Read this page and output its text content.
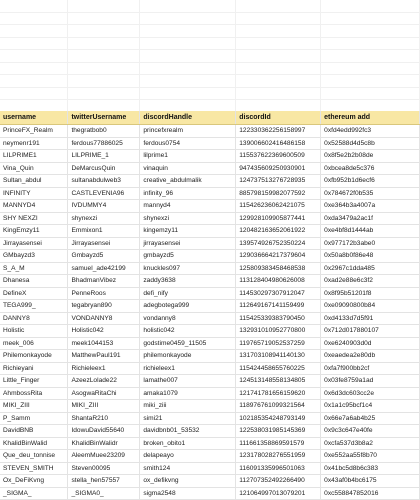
username	twitterUsername	discordHandle	discordId	ethereum add
PrinceFX_Realm	thegratbob0	princefxrealm	122330362256158997	0xfd4edd992fc3
neymenr191	ferdous77886025	ferdous0754	139006602416486158	0x52588d4d5c8b
LILPRIME1	LILPRIME_1	lilprime1	115537622369600509	0x8f5e2b2b08de
Vina_Quin	DeMarcusQuin	vinaquin	947435609250930901	0xbcea8de5c376
Sultan_abdul	sultanabdulweb3	creative_abdulmalik	124737513276728935	0xfb952b1d6ecf6
INFINITY	CASTLEVENIA96	infinity_96	885798159982077592	0x784672f0b535
MANNYD4	IVDUMMY4	mannyd4	115426236062421075	0xe364b3a4007a
SHY NEXZI	shynexzi	shynexzi	129928109905877441	0xda3479a2ac1f
KingEmzy11	Emmixon1	kingemzy11	120482163652061922	0xe4bf8d1444ab
Jirrayasensei	Jirrayasensei	jirrayasensei	139574926752350224	0x977172b3abe0
GMbayzd3	Gmbayzd5	gmbayzd5	129036664217379604	0x50a8b0f86e48
S_A_M	samuel_ade42199	knuckles097	125809383458468538	0x2967c1dda485
Dhanesa	BhadmanVibez	zaddy3638	113128404980626008	0xad2e88e6c3f2
DefineX	PenneRoos	defi_nify	114530297307912047	0x8f95b51201f8
TEGA999_	tegabryan890	adegbotega999	112649167141159499	0xe09090800b84
DANNY8	VONDANNY8	vondanny8	115425339383790450	0xd4133d7d5f91
Holistic	Holistic042	holistic042	132931010952770800	0x712d017880107
meek_006	meek1044153	godstime0459_11505	119765719052537259	0xe6240903d0d
Philemonkayode	MatthewPaul191	philemonkayode	131703108941140130	0xeaedea2e80db
Richieyani	Richieleex1	richieleex1	115424458655760225	0xfa7f900bb2cf
Little_Finger	AzeezLolade22	lamathe007	124513148558134805	0x03fe8759a1ad
AhmbossRita	AsogwaRitaChi	amaka1079	121741781656159620	0x6d3dc603cc2e
MIKI_ZIII	MIKI_ZIII	miki_ziii	118976761099321564	0x1a1c95bcf1c4
P_Samm	ShantaR210	simi21	102185354248793149	0x66e7a6ab4b25
DavidBNB	IdowuDavid55640	davidbnb01_53532	122538031985145369	0x9c3c647e40fe
KhalidBinWalid	KhalidBinWalidr	broken_obito1	111661358869591579	0xcfa537d3b8a2
Que_deu_tonnise	AleemMuee23209	delapeayo	123178028276551959	0xe552aa55f8b70
STEVEN_SMITH	Steven00095	smith124	116091335996501063	0x41bc5d8b6c383
Ox_DeFiKvng	stella_hen57557	ox_defikvng	112707352492266490	0x43af0b4bc6175
_SIGMA_	_SIGMA0_	sigma2548	121064997013079201	0xc558847852016
